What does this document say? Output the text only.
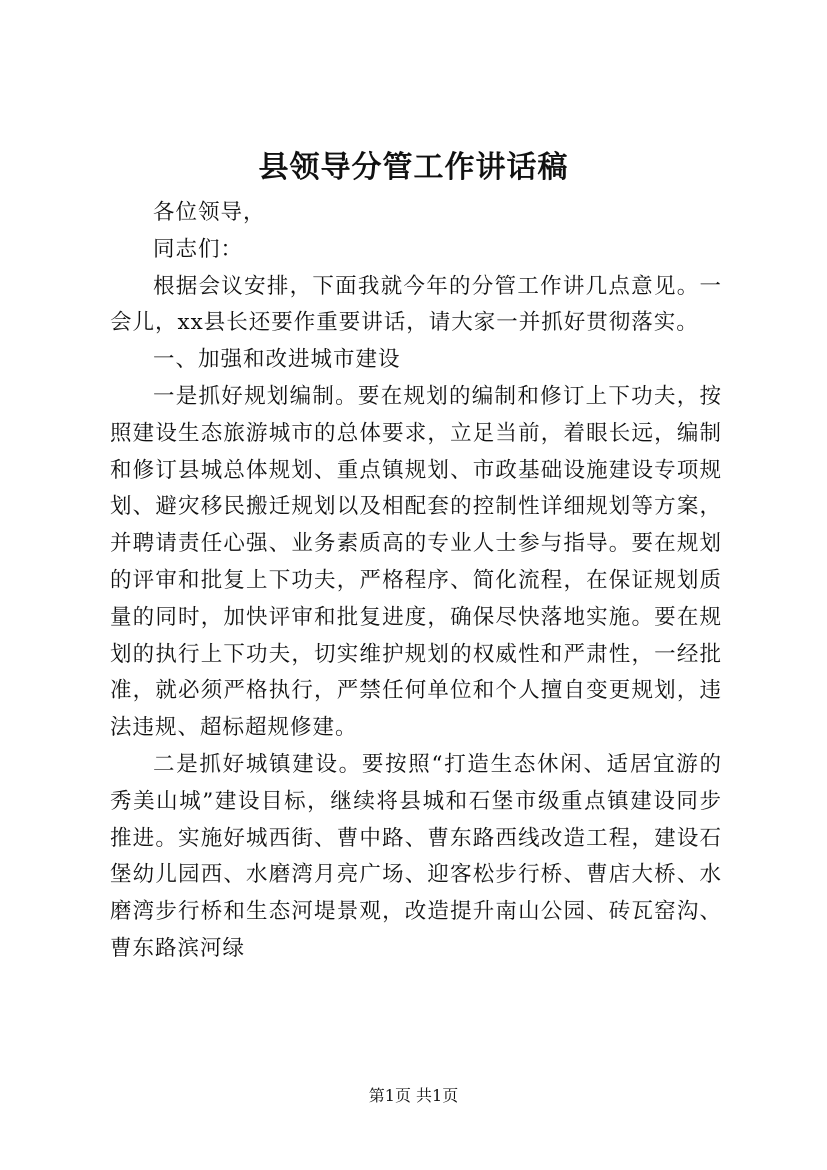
县领导分管工作讲话稿

各位领导，

同志们：

根据会议安排，下面我就今年的分管工作讲几点意见。一会儿，xx县长还要作重要讲话，请大家一并抓好贯彻落实。

一、加强和改进城市建设

一是抓好规划编制。要在规划的编制和修订上下功夫，按照建设生态旅游城市的总体要求，立足当前，着眼长远，编制和修订县城总体规划、重点镇规划、市政基础设施建设专项规划、避灾移民搬迁规划以及相配套的控制性详细规划等方案，并聘请责任心强、业务素质高的专业人士参与指导。要在规划的评审和批复上下功夫，严格程序、简化流程，在保证规划质量的同时，加快评审和批复进度，确保尽快落地实施。要在规划的执行上下功夫，切实维护规划的权威性和严肃性，一经批准，就必须严格执行，严禁任何单位和个人擅自变更规划，违法违规、超标超规修建。

二是抓好城镇建设。要按照“打造生态休闲、适居宜游的秀美山城”建设目标，继续将县城和石堡市级重点镇建设同步推进。实施好城西街、曹中路、曹东路西线改造工程，建设石堡幼儿园西、水磨湾月亮广场、迎客松步行桥、曹店大桥、水磨湾步行桥和生态河堤景观，改造提升南山公园、砖瓦窑沟、曹东路滨河绿

第1页 共1页
